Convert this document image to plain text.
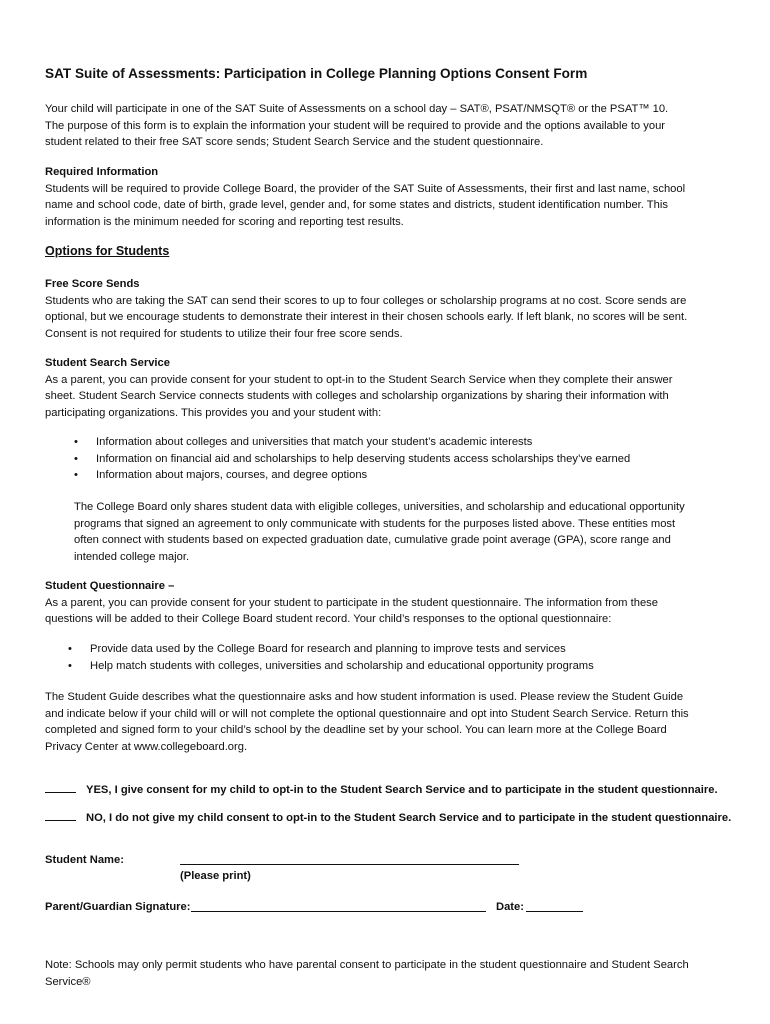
SAT Suite of Assessments: Participation in College Planning Options Consent Form
Your child will participate in one of the SAT Suite of Assessments on a school day – SAT®, PSAT/NMSQT® or the PSAT™ 10.
The purpose of this form is to explain the information your student will be required to provide and the options available to your
student related to their free SAT score sends; Student Search Service and the student questionnaire.
Required Information
Students will be required to provide College Board, the provider of the SAT Suite of Assessments, their first and last name, school
name and school code, date of birth, grade level, gender and, for some states and districts, student identification number. This
information is the minimum needed for scoring and reporting test results.
Options for Students
Free Score Sends
Students who are taking the SAT can send their scores to up to four colleges or scholarship programs at no cost. Score sends are
optional, but we encourage students to demonstrate their interest in their chosen schools early. If left blank, no scores will be sent.
Consent is not required for students to utilize their four free score sends.
Student Search Service
As a parent, you can provide consent for your student to opt-in to the Student Search Service when they complete their answer
sheet. Student Search Service connects students with colleges and scholarship organizations by sharing their information with
participating organizations. This provides you and your student with:
• Information about colleges and universities that match your student’s academic interests
• Information on financial aid and scholarships to help deserving students access scholarships they’ve earned
• Information about majors, courses, and degree options
The College Board only shares student data with eligible colleges, universities, and scholarship and educational opportunity
programs that signed an agreement to only communicate with students for the purposes listed above. These entities most
often connect with students based on expected graduation date, cumulative grade point average (GPA), score range and
intended college major.
Student Questionnaire –
As a parent, you can provide consent for your student to participate in the student questionnaire. The information from these
questions will be added to their College Board student record. Your child’s responses to the optional questionnaire:
• Provide data used by the College Board for research and planning to improve tests and services
• Help match students with colleges, universities and scholarship and educational opportunity programs
The Student Guide describes what the questionnaire asks and how student information is used. Please review the Student Guide
and indicate below if your child will or will not complete the optional questionnaire and opt into Student Search Service. Return this
completed and signed form to your child’s school by the deadline set by your school. You can learn more at the College Board
Privacy Center at www.collegeboard.org.
YES, I give consent for my child to opt-in to the Student Search Service and to participate in the student questionnaire.
NO, I do not give my child consent to opt-in to the Student Search Service and to participate in the student questionnaire.
Student Name:
(Please print)
Parent/Guardian Signature:	Date:
Note: Schools may only permit students who have parental consent to participate in the student questionnaire and Student Search
Service®
